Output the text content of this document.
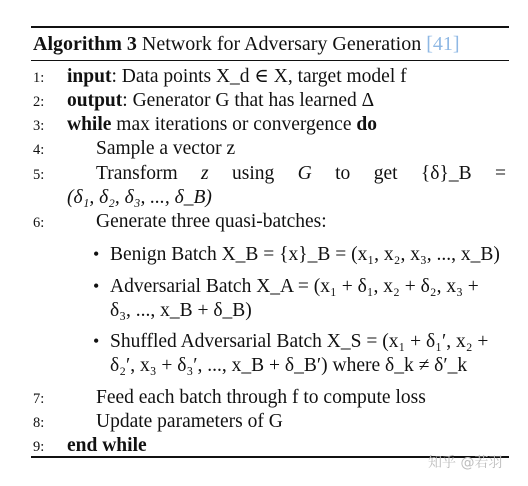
Algorithm 3 Network for Adversary Generation [41]
1:	input: Data points X_d ∈ X, target model f
2:	output: Generator G that has learned Δ
3:	while max iterations or convergence do
4:	Sample a vector z
5:	Transform z using G to get {δ}_B =
(δ₁, δ₂, δ₃, ..., δ_B)
6:	Generate three quasi-batches:
• Benign Batch X_B = {x}_B = (x₁, x₂, x₃, ..., x_B)
• Adversarial Batch X_A = (x₁ + δ₁, x₂ + δ₂, x₃ +
δ₃, ..., x_B + δ_B)
• Shuffled Adversarial Batch X_S = (x₁ + δ₁′, x₂ +
δ₂′, x₃ + δ₃′, ..., x_B + δ_B′) where δ_k ≠ δ′_k
7:	Feed each batch through f to compute loss
8:	Update parameters of G
9:	end while
知乎 @若羽
